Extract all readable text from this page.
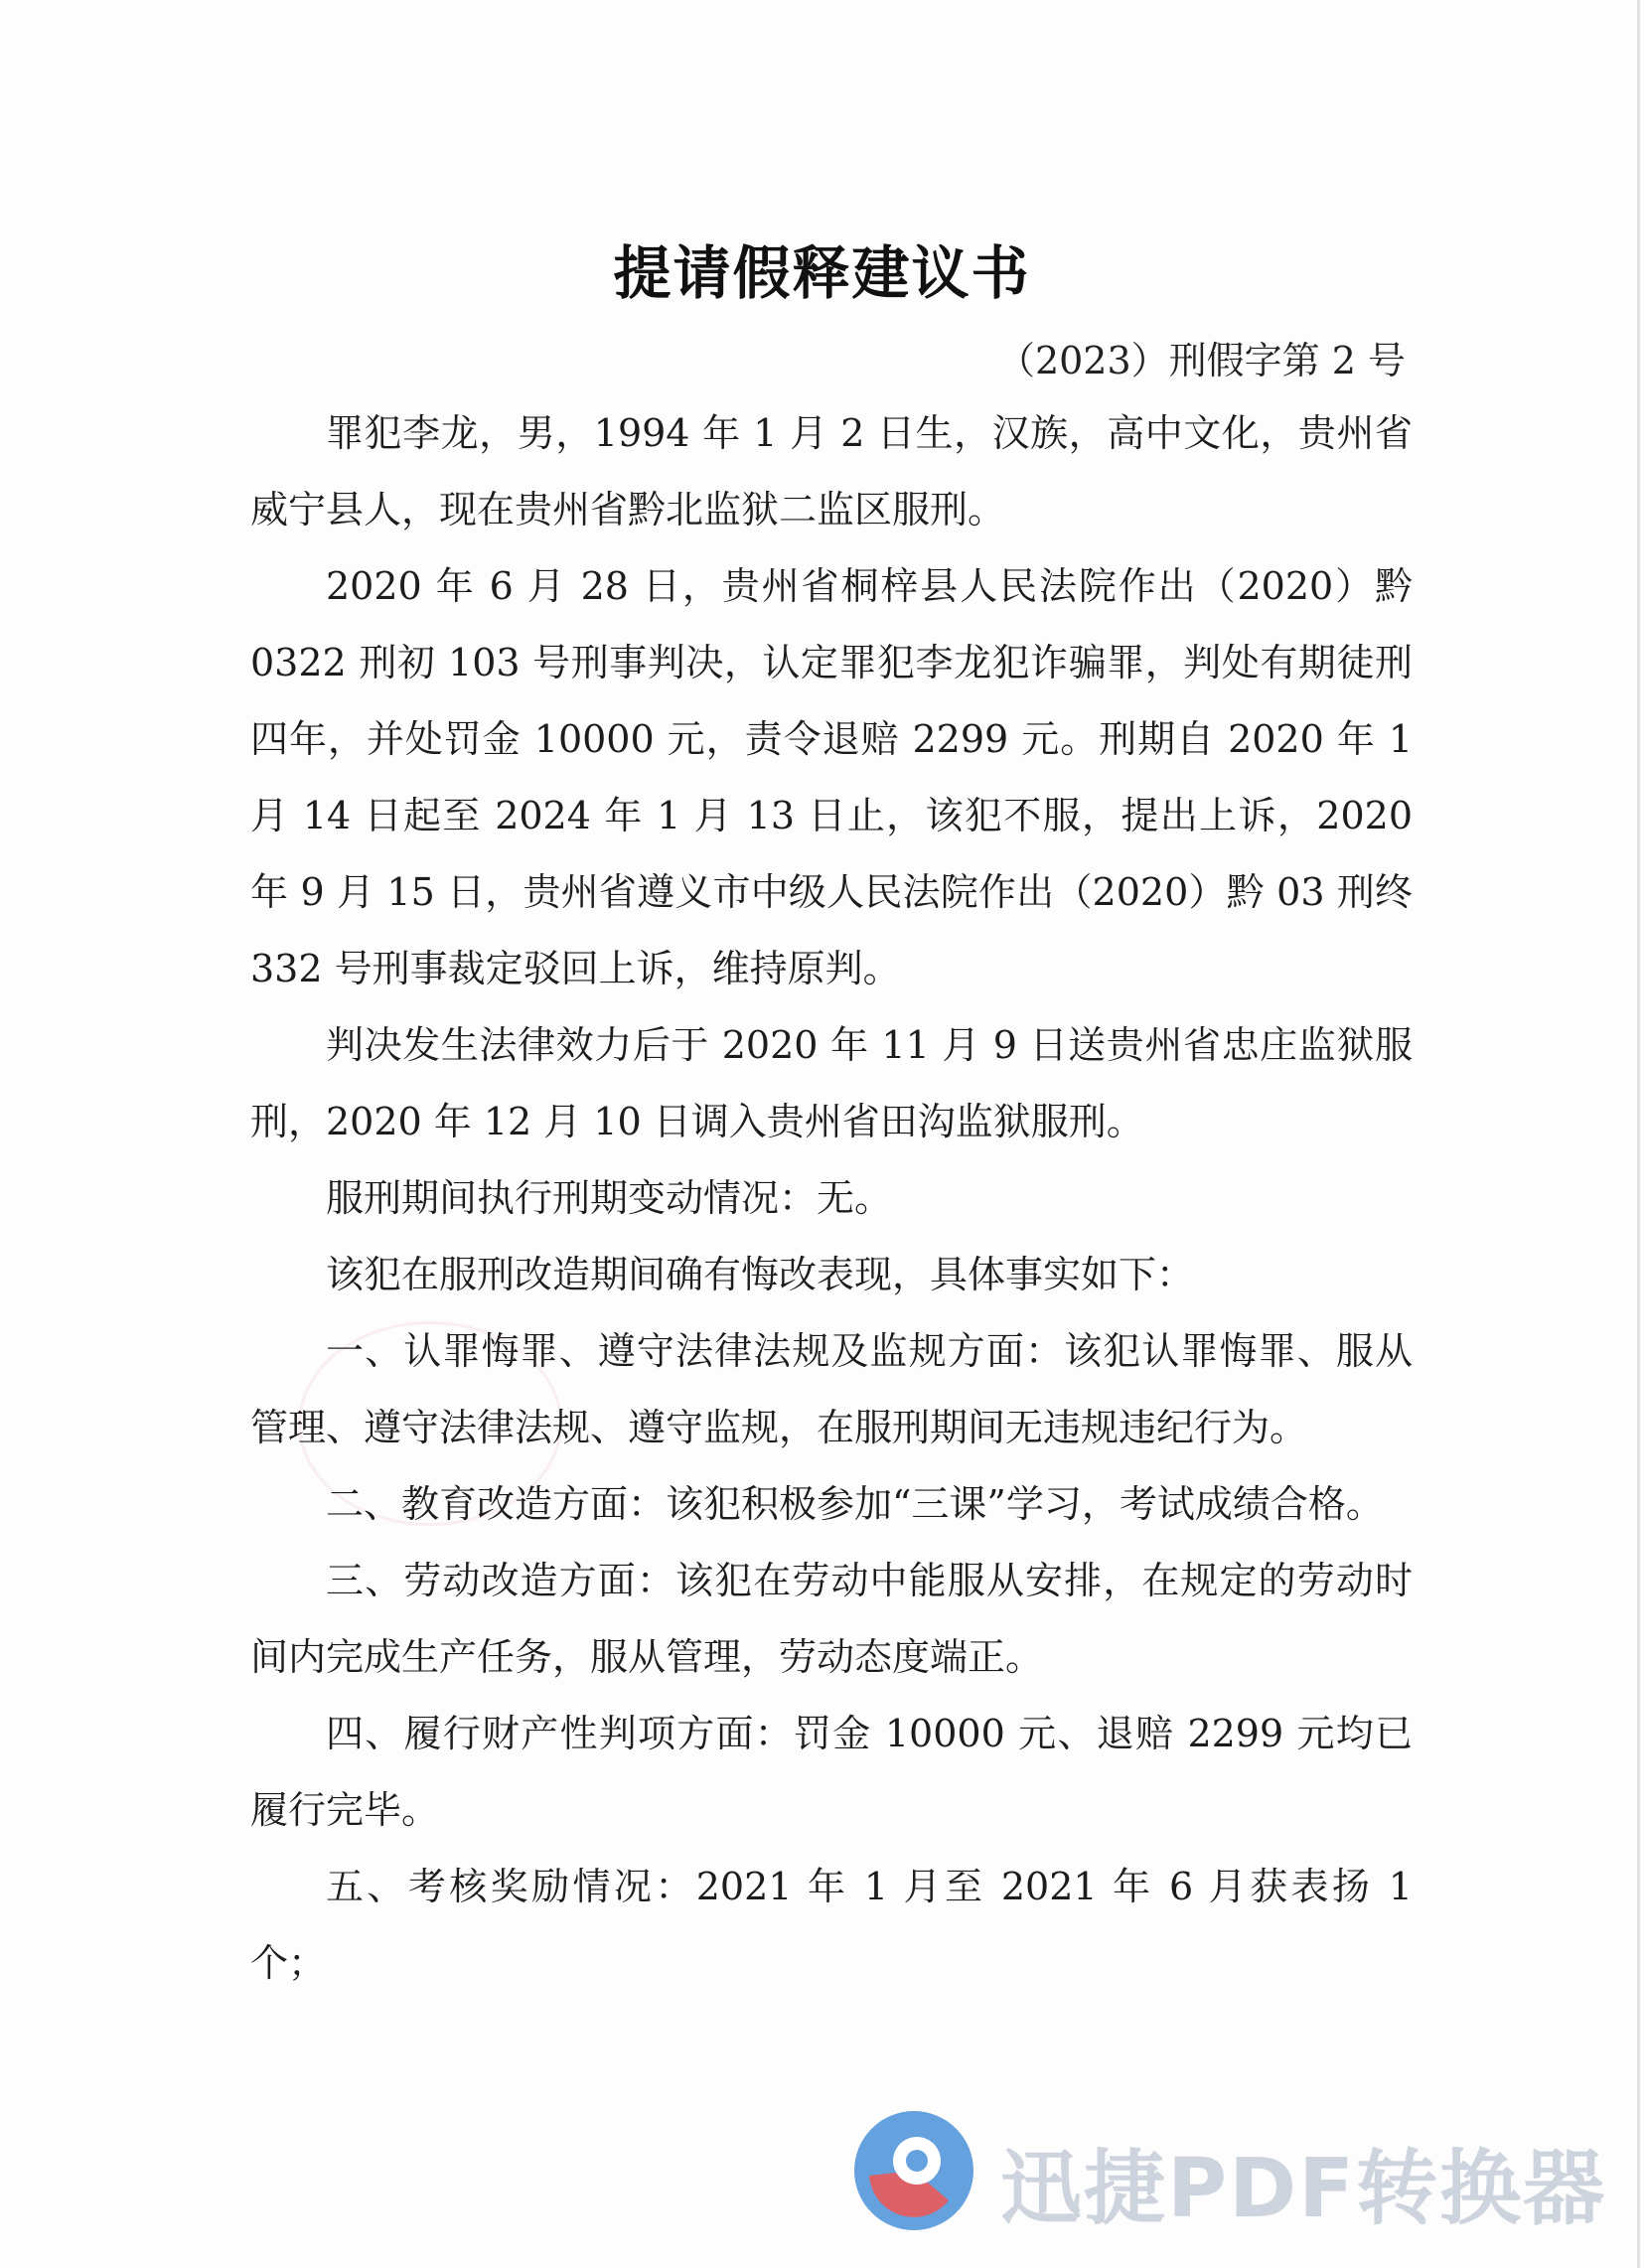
提请假释建议书
（2023）刑假字第 2 号

罪犯李龙，男，1994 年 1 月 2 日生，汉族，高中文化，贵州省威宁县人，现在贵州省黔北监狱二监区服刑。

2020 年 6 月 28 日，贵州省桐梓县人民法院作出（2020）黔 0322 刑初 103 号刑事判决，认定罪犯李龙犯诈骗罪，判处有期徒刑四年，并处罚金 10000 元，责令退赔 2299 元。刑期自 2020 年 1 月 14 日起至 2024 年 1 月 13 日止，该犯不服，提出上诉，2020 年 9 月 15 日，贵州省遵义市中级人民法院作出（2020）黔 03 刑终 332 号刑事裁定驳回上诉，维持原判。

判决发生法律效力后于 2020 年 11 月 9 日送贵州省忠庄监狱服刑，2020 年 12 月 10 日调入贵州省田沟监狱服刑。

服刑期间执行刑期变动情况：无。

该犯在服刑改造期间确有悔改表现，具体事实如下：

一、认罪悔罪、遵守法律法规及监规方面：该犯认罪悔罪、服从管理、遵守法律法规、遵守监规，在服刑期间无违规违纪行为。

二、教育改造方面：该犯积极参加“三课”学习，考试成绩合格。

三、劳动改造方面：该犯在劳动中能服从安排，在规定的劳动时间内完成生产任务，服从管理，劳动态度端正。

四、履行财产性判项方面：罚金 10000 元、退赔 2299 元均已履行完毕。

五、考核奖励情况：2021 年 1 月至 2021 年 6 月获表扬 1 个；

迅捷PDF转换器
